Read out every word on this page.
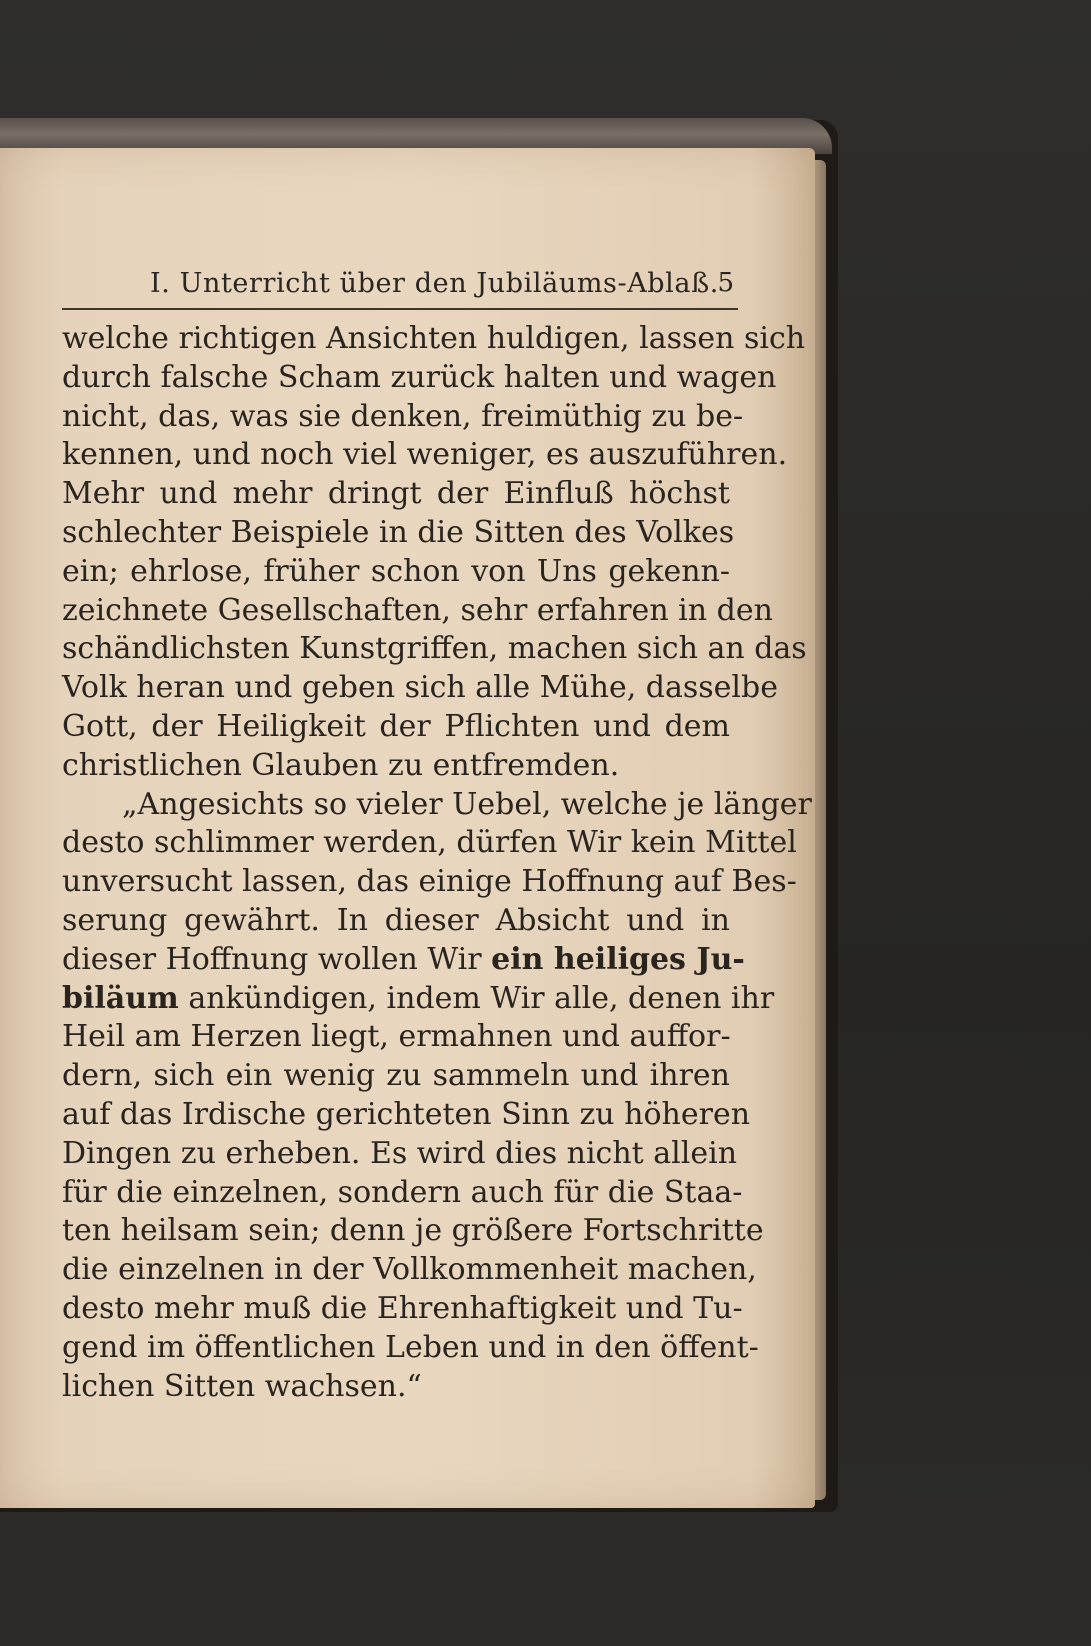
I. Unterricht über den Jubiläums-Ablaß.
5
welche richtigen Ansichten huldigen, lassen sich
durch falsche Scham zurück halten und wagen
nicht, das, was sie denken, freimüthig zu be-
kennen, und noch viel weniger, es auszuführen.
Mehr und mehr dringt der Einfluß höchst
schlechter Beispiele in die Sitten des Volkes
ein; ehrlose, früher schon von Uns gekenn-
zeichnete Gesellschaften, sehr erfahren in den
schändlichsten Kunstgriffen, machen sich an das
Volk heran und geben sich alle Mühe, dasselbe
Gott, der Heiligkeit der Pflichten und dem
christlichen Glauben zu entfremden.
„Angesichts so vieler Uebel, welche je länger
desto schlimmer werden, dürfen Wir kein Mittel
unversucht lassen, das einige Hoffnung auf Bes-
serung gewährt. In dieser Absicht und in
dieser Hoffnung wollen Wir ein heiliges Ju-
biläum ankündigen, indem Wir alle, denen ihr
Heil am Herzen liegt, ermahnen und auffor-
dern, sich ein wenig zu sammeln und ihren
auf das Irdische gerichteten Sinn zu höheren
Dingen zu erheben. Es wird dies nicht allein
für die einzelnen, sondern auch für die Staa-
ten heilsam sein; denn je größere Fortschritte
die einzelnen in der Vollkommenheit machen,
desto mehr muß die Ehrenhaftigkeit und Tu-
gend im öffentlichen Leben und in den öffent-
lichen Sitten wachsen.“
